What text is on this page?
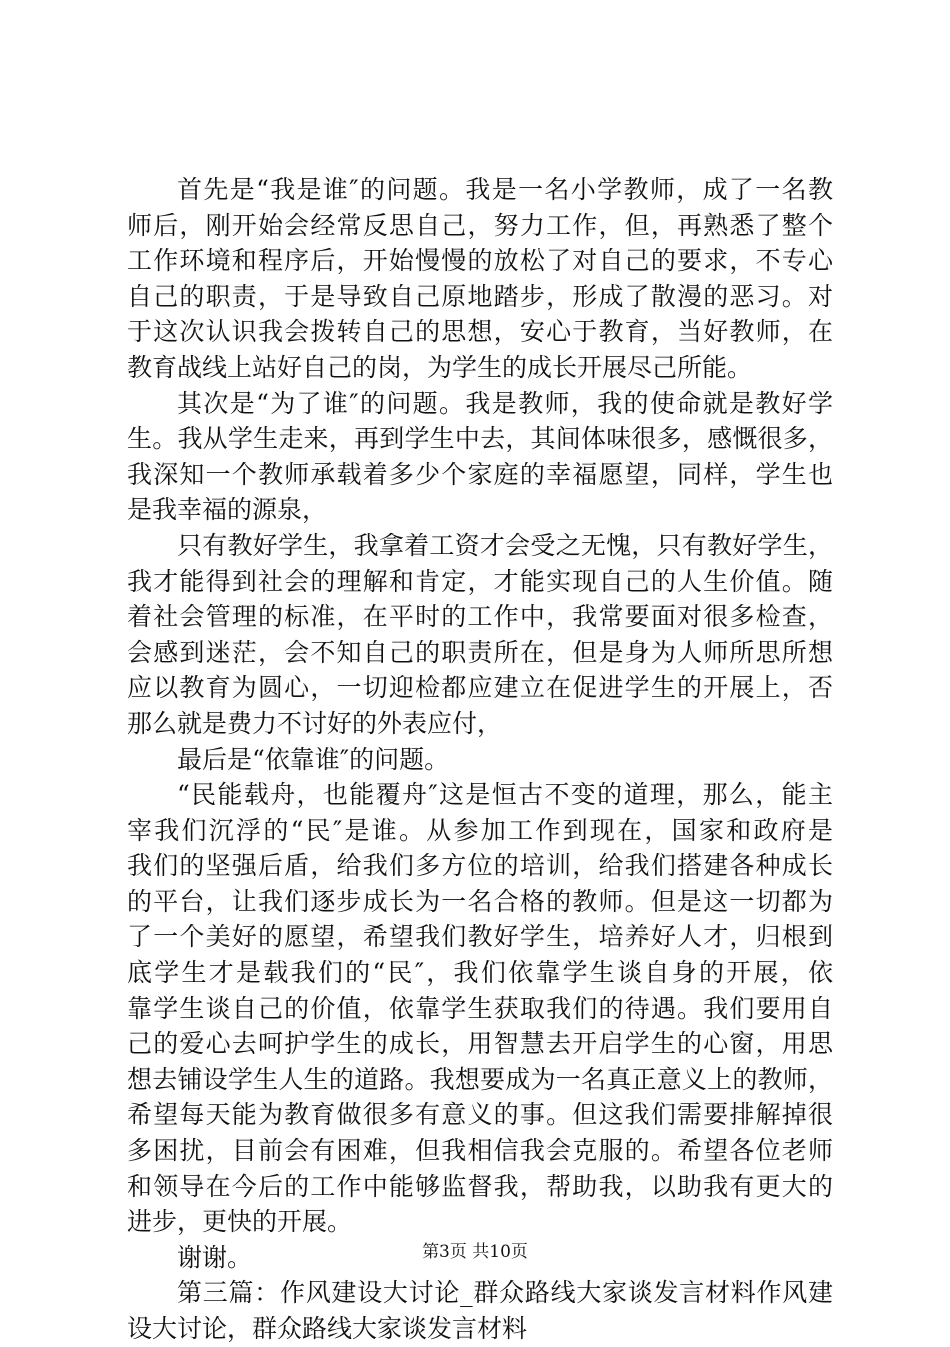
首先是“我是谁″的问题。我是一名小学教师，成了一名教
师后，刚开始会经常反思自己，努力工作，但，再熟悉了整个
工作环境和程序后，开始慢慢的放松了对自己的要求，不专心
自己的职责，于是导致自己原地踏步，形成了散漫的恶习。对
于这次认识我会拨转自己的思想，安心于教育，当好教师，在
教育战线上站好自己的岗，为学生的成长开展尽己所能。
其次是“为了谁″的问题。我是教师，我的使命就是教好学
生。我从学生走来，再到学生中去，其间体味很多，感慨很多，
我深知一个教师承载着多少个家庭的幸福愿望，同样，学生也
是我幸福的源泉，
只有教好学生，我拿着工资才会受之无愧，只有教好学生，
我才能得到社会的理解和肯定，才能实现自己的人生价值。随
着社会管理的标准，在平时的工作中，我常要面对很多检查，
会感到迷茫，会不知自己的职责所在，但是身为人师所思所想
应以教育为圆心，一切迎检都应建立在促进学生的开展上，否
那么就是费力不讨好的外表应付，
最后是“依靠谁″的问题。
“民能载舟，也能覆舟″这是恒古不变的道理，那么，能主
宰我们沉浮的“民″是谁。从参加工作到现在，国家和政府是
我们的坚强后盾，给我们多方位的培训，给我们搭建各种成长
的平台，让我们逐步成长为一名合格的教师。但是这一切都为
了一个美好的愿望，希望我们教好学生，培养好人才，归根到
底学生才是载我们的“民″，我们依靠学生谈自身的开展，依
靠学生谈自己的价值，依靠学生获取我们的待遇。我们要用自
己的爱心去呵护学生的成长，用智慧去开启学生的心窗，用思
想去铺设学生人生的道路。我想要成为一名真正意义上的教师，
希望每天能为教育做很多有意义的事。但这我们需要排解掉很
多困扰，目前会有困难，但我相信我会克服的。希望各位老师
和领导在今后的工作中能够监督我，帮助我，以助我有更大的
进步，更快的开展。
谢谢。
第三篇：作风建设大讨论_群众路线大家谈发言材料作风建
设大讨论，群众路线大家谈发言材料
第3页 共10页
